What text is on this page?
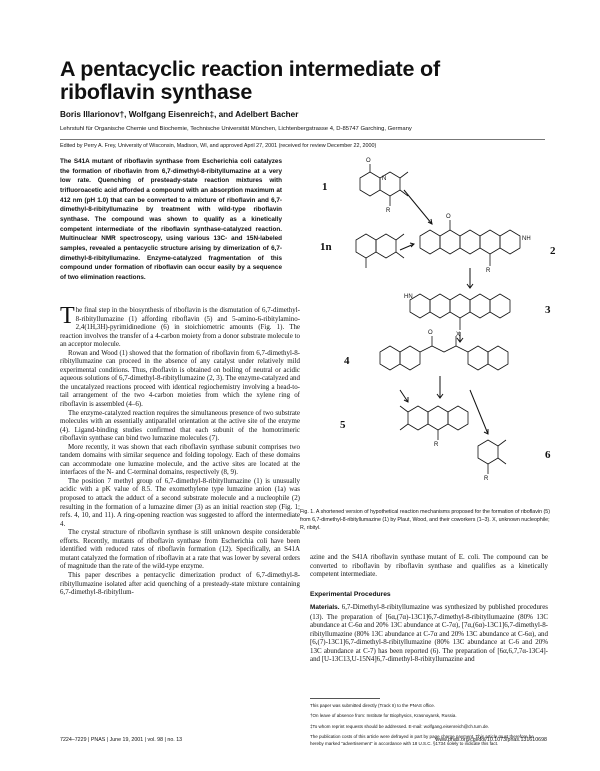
A pentacyclic reaction intermediate of riboflavin synthase
Boris Illarionov†, Wolfgang Eisenreich‡, and Adelbert Bacher
Lehrstuhl für Organische Chemie und Biochemie, Technische Universität München, Lichtenbergstrasse 4, D-85747 Garching, Germany
Edited by Perry A. Frey, University of Wisconsin, Madison, WI, and approved April 27, 2001 (received for review December 22, 2000)
The S41A mutant of riboflavin synthase from Escherichia coli catalyzes the formation of riboflavin from 6,7-dimethyl-8-ribityllumazine at a very low rate. Quenching of presteady-state reaction mixtures with trifluoroacetic acid afforded a compound with an absorption maximum at 412 nm (pH 1.0) that can be converted to a mixture of riboflavin and 6,7-dimethyl-8-ribityllumazine by treatment with wild-type riboflavin synthase. The compound was shown to qualify as a kinetically competent intermediate of the riboflavin synthase-catalyzed reaction. Multinuclear NMR spectroscopy, using various 13C- and 15N-labeled samples, revealed a pentacyclic structure arising by dimerization of 6,7-dimethyl-8-ribityllumazine. Enzyme-catalyzed fragmentation of this compound under formation of riboflavin can occur easily by a sequence of two elimination reactions.
O
N
R
O
R
NH
HN
X
O
R
R
1
1n	2
3
4
5
6
Fig. 1. A shortened version of hypothetical reaction mechanisms proposed for the formation of riboflavin (5) from 6,7-dimethyl-8-ribityllumazine (1) by Plaut, Wood, and their coworkers (1–3). X, unknown nucleophile; R, ribityl.

The final step in the biosynthesis of riboflavin is the dismutation of 6,7-dimethyl-8-ribityllumazine (1) affording riboflavin (5) and 5-amino-6-ribitylamino-2,4(1H,3H)-pyrimidinedione (6) in stoichiometric amounts (Fig. 1). The reaction involves the transfer of a 4-carbon moiety from a donor substrate molecule to an acceptor molecule.

Rowan and Wood (1) showed that the formation of riboflavin from 6,7-dimethyl-8-ribityllumazine can proceed in the absence of any catalyst under relatively mild experimental conditions. Thus, riboflavin is obtained on boiling of neutral or acidic aqueous solutions of 6,7-dimethyl-8-ribityllumazine (2, 3). The enzyme-catalyzed and the uncatalyzed reactions proceed with identical regiochemistry involving a head-to-tail arrangement of the two 4-carbon moieties from which the xylene ring of riboflavin is assembled (4–6).

The enzyme-catalyzed reaction requires the simultaneous presence of two substrate molecules with an essentially antiparallel orientation at the active site of the enzyme (4). Ligand-binding studies confirmed that each subunit of the homotrimeric riboflavin synthase can bind two lumazine molecules (7).

More recently, it was shown that each riboflavin synthase subunit comprises two tandem domains with similar sequence and folding topology. Each of these domains can accommodate one lumazine molecule, and the active sites are located at the interfaces of the N- and C-terminal domains, respectively (8, 9).

The position 7 methyl group of 6,7-dimethyl-8-ribityllumazine (1) is unusually acidic with a pK value of 8.5. The exomethylene type lumazine anion (1a) was proposed to attack the adduct of a second substrate molecule and a nucleophile (2) resulting in the formation of a lumazine dimer (3) as an initial reaction step (Fig. 1; refs. 4, 10, and 11). A ring-opening reaction was suggested to afford the intermediate 4.

The crystal structure of riboflavin synthase is still unknown despite considerable efforts. Recently, mutants of riboflavin synthase from Escherichia coli have been identified with reduced rates of riboflavin formation (12). Specifically, an S41A mutant catalyzed the formation of riboflavin at a rate that was lower by several orders of magnitude than the rate of the wild-type enzyme.

This paper describes a pentacyclic dimerization product of 6,7-dimethyl-8-ribityllumazine isolated after acid quenching of a presteady-state mixture containing 6,7-dimethyl-8-ribityllum-

azine and the S41A riboflavin synthase mutant of E. coli. The compound can be converted to riboflavin by riboflavin synthase and qualifies as a kinetically competent intermediate.

Experimental Procedures
Materials. 6,7-Dimethyl-8-ribityllumazine was synthesized by published procedures (13). The preparation of [6α,(7α)-13C1]6,7-dimethyl-8-ribityllumazine (80% 13C abundance at C-6α and 20% 13C abundance at C-7α), [7α,(6α)-13C1]6,7-dimethyl-8-ribityllumazine (80% 13C abundance at C-7α and 20% 13C abundance at C-6α), and [6,(7)-13C1]6,7-dimethyl-8-ribityllumazine (80% 13C abundance at C-6 and 20% 13C abundance at C-7) has been reported (6). The preparation of [6α,6,7,7α-13C4]- and [U-13C13,U-15N4]6,7-dimethyl-8-ribityllumazine and

This paper was submitted directly (Track II) to the PNAS office.

†On leave of absence from: Institute for Biophysics, Krasnoyarsk, Russia.

‡To whom reprint requests should be addressed. E-mail: wolfgang.eisenreich@ch.tum.de.

The publication costs of this article were defrayed in part by page charge payment. This article must therefore be hereby marked “advertisement” in accordance with 18 U.S.C. §1734 solely to indicate this fact.

7224–7229 | PNAS | June 19, 2001 | vol. 98 | no. 13	www.pnas.org/cgi/doi/10.1073/pnas.131610698
